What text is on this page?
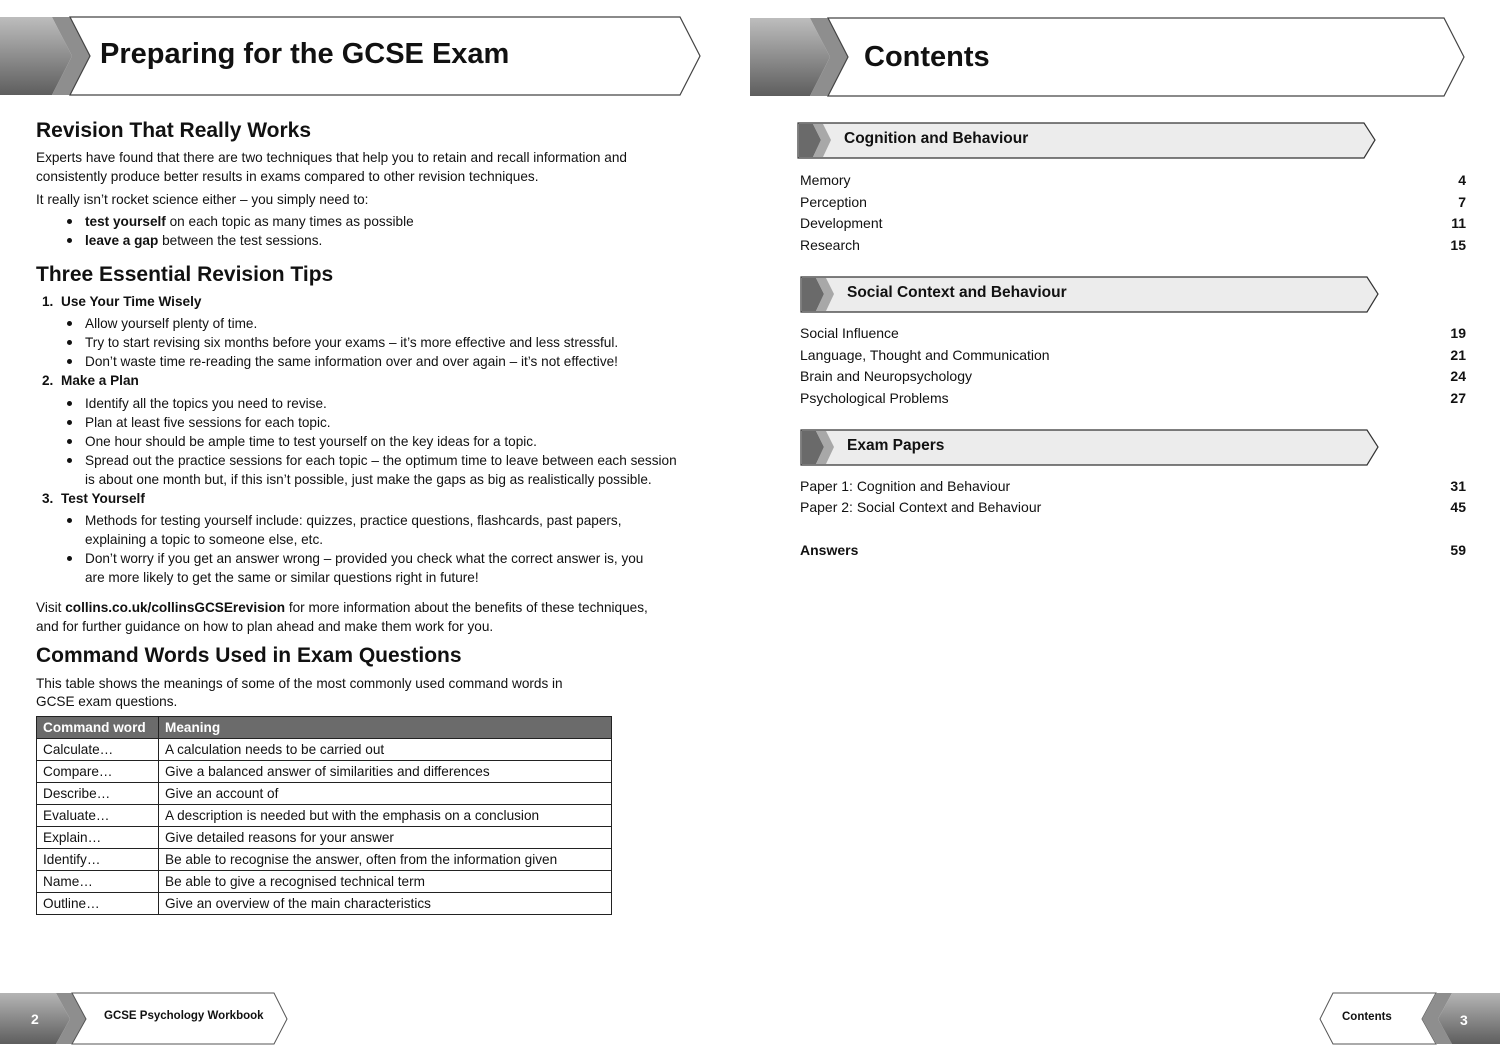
Preparing for the GCSE Exam
Revision That Really Works

Experts have found that there are two techniques that help you to retain and recall information and

consistently produce better results in exams compared to other revision techniques.

It really isn’t rocket science either – you simply need to:

test yourself on each topic as many times as possible
leave a gap between the test sessions.
Three Essential Revision Tips
1. Use Your Time Wisely
Allow yourself plenty of time.
Try to start revising six months before your exams – it’s more effective and less stressful.
Don’t waste time re-reading the same information over and over again – it’s not effective!
2. Make a Plan
Identify all the topics you need to revise.
Plan at least five sessions for each topic.
One hour should be ample time to test yourself on the key ideas for a topic.
Spread out the practice sessions for each topic – the optimum time to leave between each session
is about one month but, if this isn’t possible, just make the gaps as big as realistically possible.
3. Test Yourself
Methods for testing yourself include: quizzes, practice questions, flashcards, past papers,
explaining a topic to someone else, etc.
Don’t worry if you get an answer wrong – provided you check what the correct answer is, you
are more likely to get the same or similar questions right in future!

Visit collins.co.uk/collinsGCSErevision for more information about the benefits of these techniques,

and for further guidance on how to plan ahead and make them work for you.

Command Words Used in Exam Questions

This table shows the meanings of some of the most commonly used command words in

GCSE exam questions.

Command word	Meaning
Calculate…	A calculation needs to be carried out
Compare…	Give a balanced answer of similarities and differences
Describe…	Give an account of
Evaluate…	A description is needed but with the emphasis on a conclusion
Explain…	Give detailed reasons for your answer
Identify…	Be able to recognise the answer, often from the information given
Name…	Be able to give a recognised technical term
Outline…	Give an overview of the main characteristics
2	GCSE Psychology Workbook
Contents
Cognition and Behaviour
Memory	4
Perception	7
Development	11
Research	15
Social Context and Behaviour
Social Influence	19
Language, Thought and Communication	21
Brain and Neuropsychology	24
Psychological Problems	27
Exam Papers
Paper 1: Cognition and Behaviour	31
Paper 2: Social Context and Behaviour	45
Answers	59
Contents	3
